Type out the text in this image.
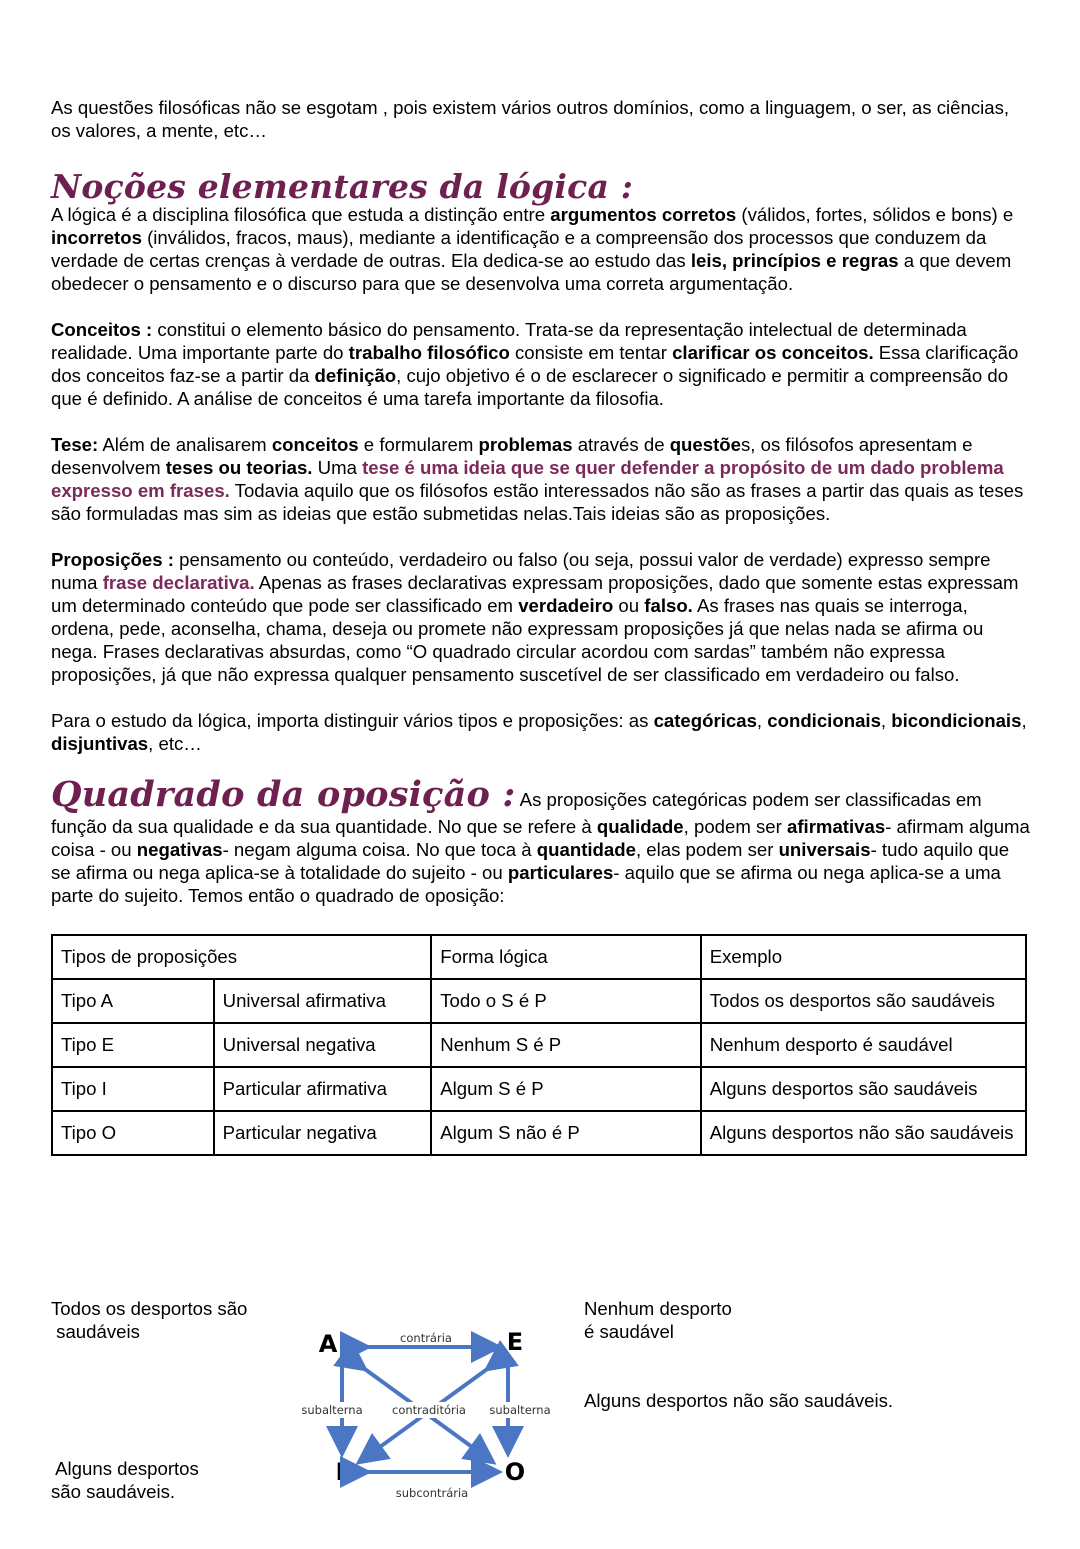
As questões filosóficas não se esgotam , pois existem vários outros domínios, como a linguagem, o ser, as ciências, os valores, a mente, etc…

Noções elementares da lógica :

A lógica é a disciplina filosófica que estuda a distinção entre argumentos corretos (válidos, fortes, sólidos e bons) e incorretos (inválidos, fracos, maus), mediante a identificação e a compreensão dos processos que conduzem da verdade de certas crenças à verdade de outras. Ela dedica-se ao estudo das leis, princípios e regras a que devem obedecer o pensamento e o discurso para que se desenvolva uma correta argumentação.

Conceitos : constitui o elemento básico do pensamento. Trata-se da representação intelectual de determinada realidade. Uma importante parte do trabalho filosófico consiste em tentar clarificar os conceitos. Essa clarificação dos conceitos faz-se a partir da definição, cujo objetivo é o de esclarecer o significado e permitir a compreensão do que é definido. A análise de conceitos é uma tarefa importante da filosofia.

Tese: Além de analisarem conceitos e formularem problemas através de questões, os filósofos apresentam e desenvolvem teses ou teorias. Uma tese é uma ideia que se quer defender a propósito de um dado problema expresso em frases. Todavia aquilo que os filósofos estão interessados não são as frases a partir das quais as teses são formuladas mas sim as ideias que estão submetidas nelas.Tais ideias são as proposições.

Proposições : pensamento ou conteúdo, verdadeiro ou falso (ou seja, possui valor de verdade) expresso sempre numa frase declarativa. Apenas as frases declarativas expressam proposições, dado que somente estas expressam um determinado conteúdo que pode ser classificado em verdadeiro ou falso. As frases nas quais se interroga, ordena, pede, aconselha, chama, deseja ou promete não expressam proposições já que nelas nada se afirma ou nega. Frases declarativas absurdas, como “O quadrado circular acordou com sardas” também não expressa proposições, já que não expressa qualquer pensamento suscetível de ser classificado em verdadeiro ou falso.

Para o estudo da lógica, importa distinguir vários tipos e proposições: as categóricas, condicionais, bicondicionais, disjuntivas, etc…

Quadrado da oposição : As proposições categóricas podem ser classificadas em função da sua qualidade e da sua quantidade. No que se refere à qualidade, podem ser afirmativas- afirmam alguma coisa - ou negativas- negam alguma coisa. No que toca à quantidade, elas podem ser universais- tudo aquilo que se afirma ou nega aplica-se à totalidade do sujeito - ou particulares- aquilo que se afirma ou nega aplica-se a uma parte do sujeito. Temos então o quadrado de oposição:

Tipos de proposições		Forma lógica	Exemplo
Tipo A	Universal afirmativa	Todo o S é P	Todos os desportos são saudáveis
Tipo E	Universal negativa	Nenhum S é P	Nenhum desporto é saudável
Tipo I	Particular afirmativa	Algum S é P	Alguns desportos são saudáveis
Tipo O	Particular negativa	Algum S não é P	Alguns desportos não são saudáveis
Todos os desportos são
saudáveis

Alguns desportos
são saudáveis.

Nenhum desporto
é saudável
Alguns desportos não são saudáveis.
A	E
I	O
contrária
subalterna	contraditória subalterna
subcontrária
